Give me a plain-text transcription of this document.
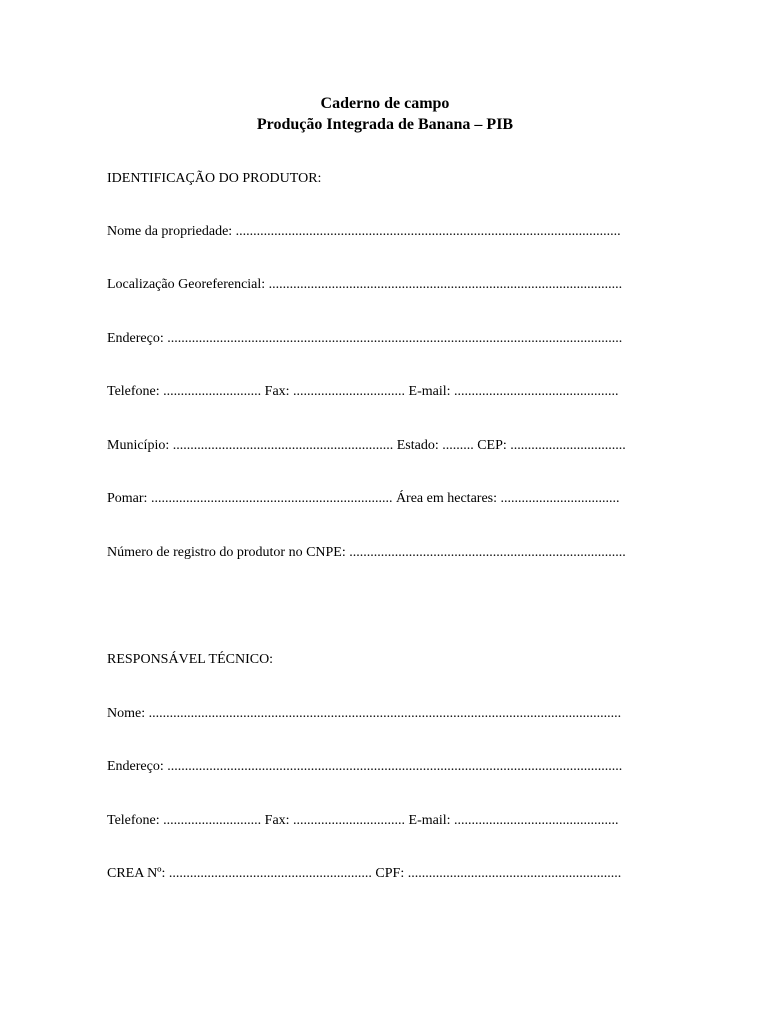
Caderno de campo
Produção Integrada de Banana – PIB
IDENTIFICAÇÃO DO PRODUTOR:
Nome da propriedade: ..............................................................................................................
Localização Georeferencial: .....................................................................................................
Endereço: ..................................................................................................................................
Telefone: ............................ Fax: ................................ E-mail: ...............................................
Município: ............................................................... Estado: ......... CEP: .................................
Pomar: ..................................................................... Área em hectares: ..................................
Número de registro do produtor no CNPE: ...............................................................................
RESPONSÁVEL TÉCNICO:
Nome: .......................................................................................................................................
Endereço: ..................................................................................................................................
Telefone: ............................ Fax: ................................ E-mail: ...............................................
CREA Nº: .......................................................... CPF: .............................................................
